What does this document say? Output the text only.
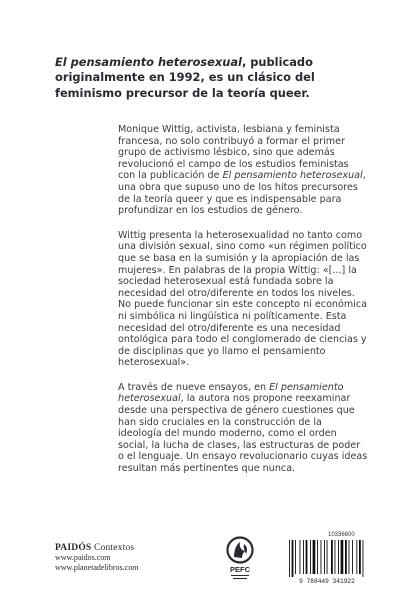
El pensamiento heterosexual, publicado originalmente en 1992, es un clásico del feminismo precursor de la teoría queer.

Monique Wittig, activista, lesbiana y feminista francesa, no solo contribuyó a formar el primer grupo de activismo lésbico, sino que además revolucionó el campo de los estudios feministas con la publicación de El pensamiento heterosexual, una obra que supuso uno de los hitos precursores de la teoría queer y que es indispensable para profundizar en los estudios de género.

Wittig presenta la heterosexualidad no tanto como una división sexual, sino como «un régimen político que se basa en la sumisión y la apropiación de las mujeres». En palabras de la propia Wittig: «[...] la sociedad heterosexual está fundada sobre la necesidad del otro/diferente en todos los niveles. No puede funcionar sin este concepto ni económica ni simbólica ni lingüística ni políticamente. Esta necesidad del otro/diferente es una necesidad ontológica para todo el conglomerado de ciencias y de disciplinas que yo llamo el pensamiento heterosexual».

A través de nueve ensayos, en El pensamiento heterosexual, la autora nos propone reexaminar desde una perspectiva de género cuestiones que han sido cruciales en la construcción de la ideología del mundo moderno, como el orden social, la lucha de clases, las estructuras de poder o el lenguaje. Un ensayo revolucionario cuyas ideas resultan más pertinentes que nunca.

PAIDÓS Contextos
www.paidos.com
www.planetadelibros.com	PEFC
10336600
9 788449 341922
